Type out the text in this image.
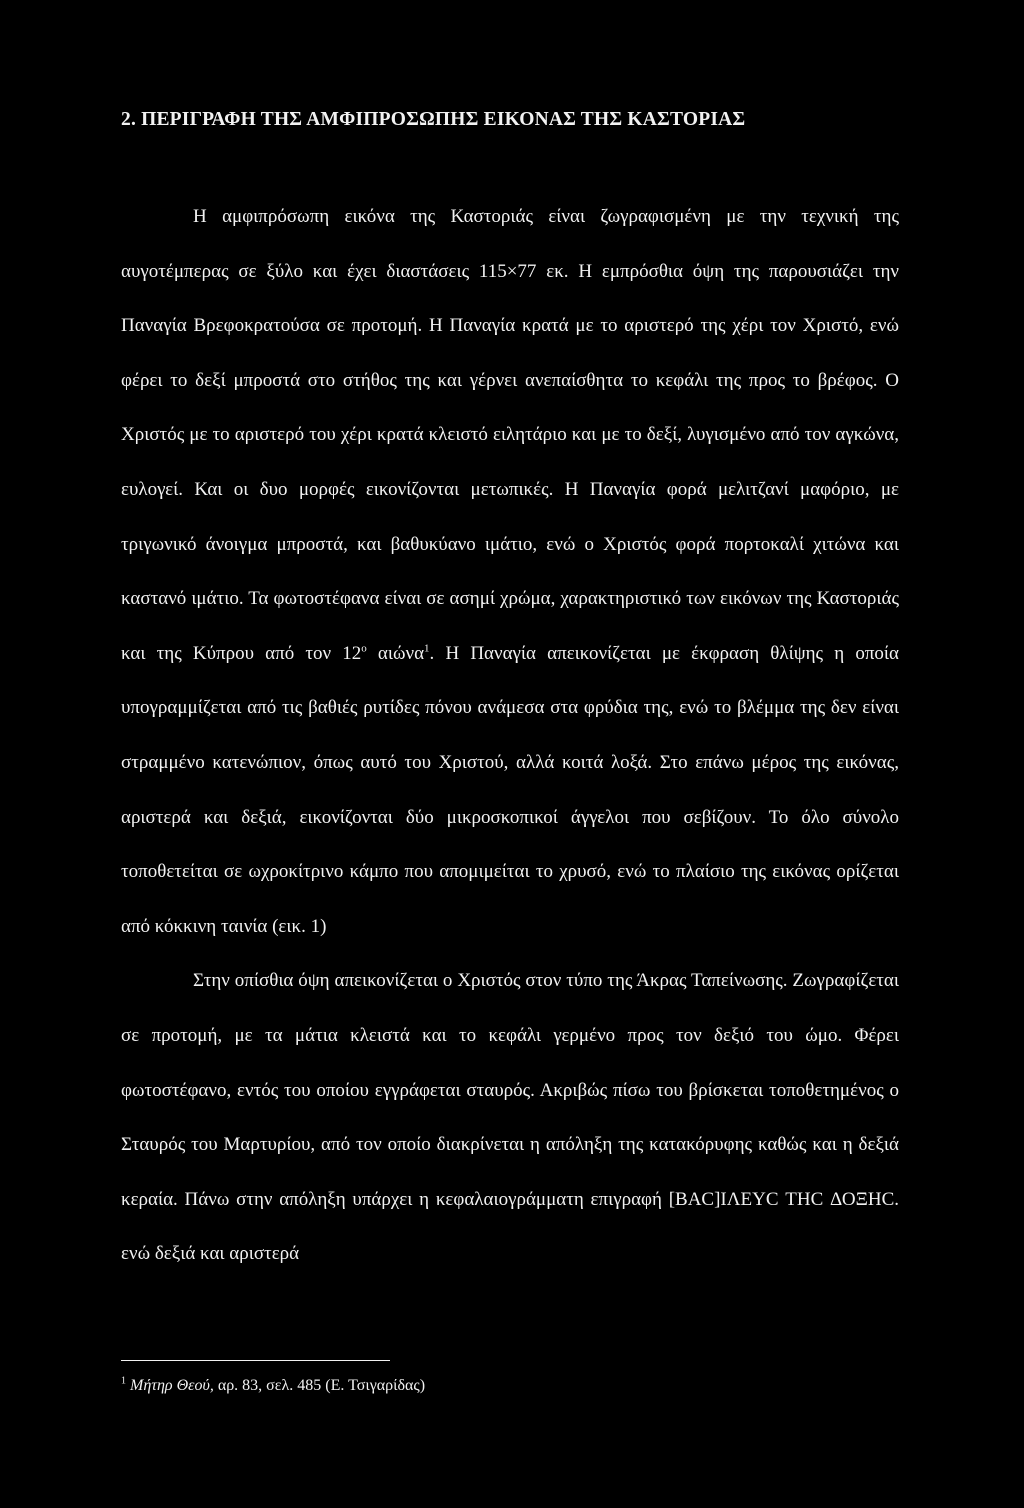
2. ΠΕΡΙΓΡΑΦΗ ΤΗΣ ΑΜΦΙΠΡΟΣΩΠΗΣ ΕΙΚΟΝΑΣ ΤΗΣ ΚΑΣΤΟΡΙΑΣ

Η αμφιπρόσωπη εικόνα της Καστοριάς είναι ζωγραφισμένη με την τεχνική της αυγοτέμπερας σε ξύλο και έχει διαστάσεις 115×77 εκ. Η εμπρόσθια όψη της παρουσιάζει την Παναγία Βρεφοκρατούσα σε προτομή. Η Παναγία κρατά με το αριστερό της χέρι τον Χριστό, ενώ φέρει το δεξί μπροστά στο στήθος της και γέρνει ανεπαίσθητα το κεφάλι της προς το βρέφος. Ο Χριστός με το αριστερό του χέρι κρατά κλειστό ειλητάριο και με το δεξί, λυγισμένο από τον αγκώνα, ευλογεί. Και οι δυο μορφές εικονίζονται μετωπικές. Η Παναγία φορά μελιτζανί μαφόριο, με τριγωνικό άνοιγμα μπροστά, και βαθυκύανο ιμάτιο, ενώ ο Χριστός φορά πορτοκαλί χιτώνα και καστανό ιμάτιο. Τα φωτοστέφανα είναι σε ασημί χρώμα, χαρακτηριστικό των εικόνων της Καστοριάς και της Κύπρου από τον $12^o$ αιώνα$^1$. Η Παναγία απεικονίζεται με έκφραση θλίψης η οποία υπογραμμίζεται από τις βαθιές ρυτίδες πόνου ανάμεσα στα φρύδια της, ενώ το βλέμμα της δεν είναι στραμμένο κατενώπιον, όπως αυτό του Χριστού, αλλά κοιτά λοξά. Στο επάνω μέρος της εικόνας, αριστερά και δεξιά, εικονίζονται δύο μικροσκοπικοί άγγελοι που σεβίζουν. Το όλο σύνολο τοποθετείται σε ωχροκίτρινο κάμπο που απομιμείται το χρυσό, ενώ το πλαίσιο της εικόνας ορίζεται από κόκκινη ταινία (εικ. 1)

Στην οπίσθια όψη απεικονίζεται ο Χριστός στον τύπο της Άκρας Ταπείνωσης. Ζωγραφίζεται σε προτομή, με τα μάτια κλειστά και το κεφάλι γερμένο προς τον δεξιό του ώμο. Φέρει φωτοστέφανο, εντός του οποίου εγγράφεται σταυρός. Ακριβώς πίσω του βρίσκεται τοποθετημένος ο Σταυρός του Μαρτυρίου, από τον οποίο διακρίνεται η απόληξη της κατακόρυφης καθώς και η δεξιά κεραία. Πάνω στην απόληξη υπάρχει η κεφαλαιογράμματη επιγραφή [ΒΑC]ΙΛΕΥC ΤΗC ΔΟΞΗC. ενώ δεξιά και αριστερά

$^1$ Μήτηρ Θεού, αρ. 83, σελ. 485 (Ε. Τσιγαρίδας)
